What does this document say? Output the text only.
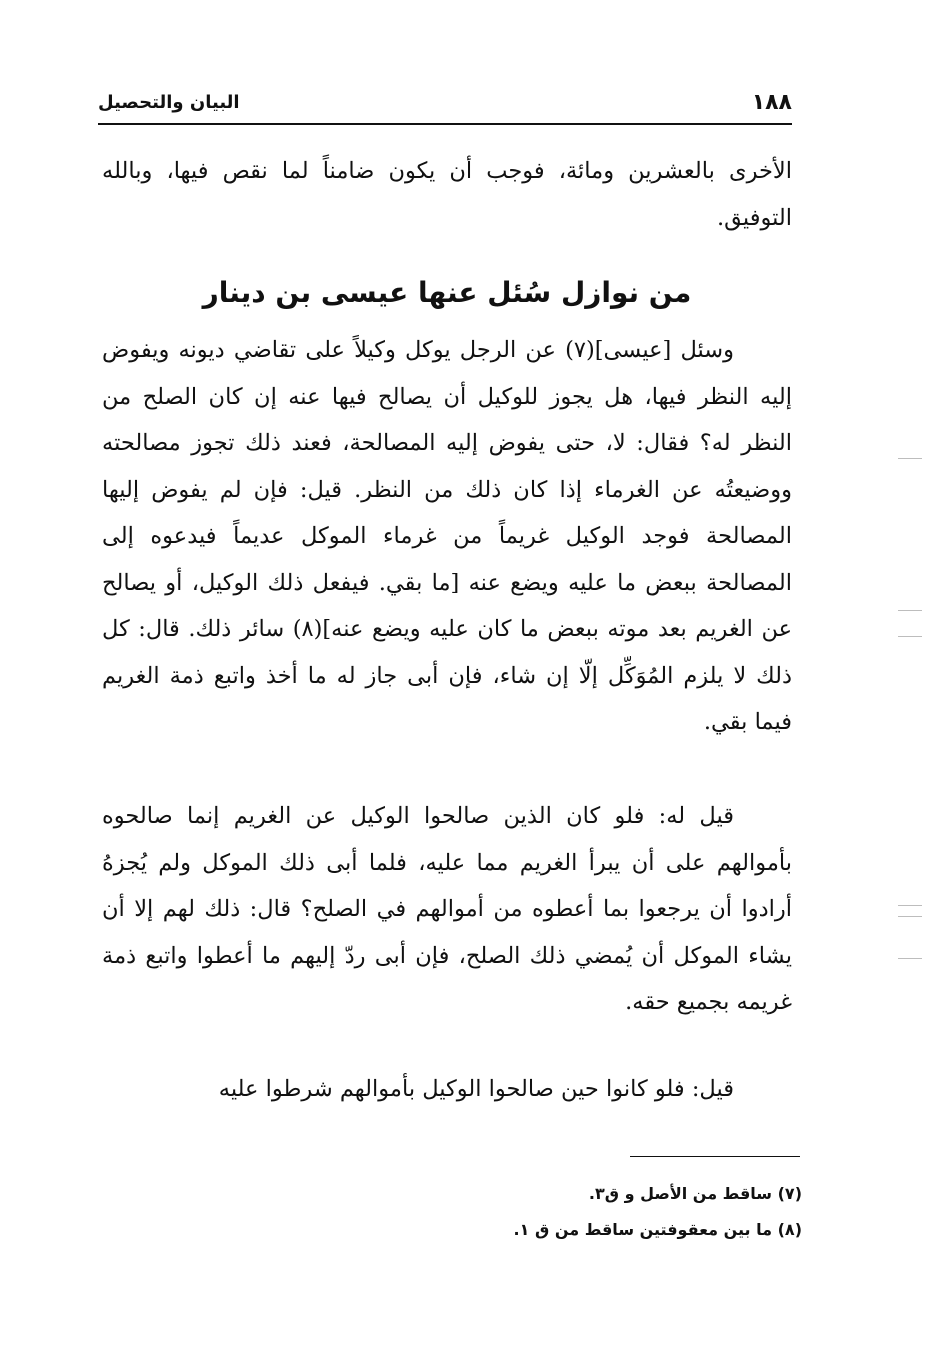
١٨٨
البيان والتحصيل
الأخرى بالعشرين ومائة، فوجب أن يكون ضامناً لما نقص فيها، وبالله التوفيق.
من نوازل سُئل عنها عيسى بن دينار
وسئل [عيسى](٧) عن الرجل يوكل وكيلاً على تقاضي ديونه ويفوض إليه النظر فيها، هل يجوز للوكيل أن يصالح فيها عنه إن كان الصلح من النظر له؟ فقال: لا، حتى يفوض إليه المصالحة، فعند ذلك تجوز مصالحته ووضيعتُه عن الغرماء إذا كان ذلك من النظر. قيل: فإن لم يفوض إليها المصالحة فوجد الوكيل غريماً من غرماء الموكل عديماً فيدعوه إلى المصالحة ببعض ما عليه ويضع عنه [ما بقي. فيفعل ذلك الوكيل، أو يصالح عن الغريم بعد موته ببعض ما كان عليه ويضع عنه](٨) سائر ذلك. قال: كل ذلك لا يلزم المُوَكِّل إلّا إن شاء، فإن أبى جاز له ما أخذ واتبع ذمة الغريم فيما بقي.
قيل له: فلو كان الذين صالحوا الوكيل عن الغريم إنما صالحوه بأموالهم على أن يبرأ الغريم مما عليه، فلما أبى ذلك الموكل ولم يُجزهُ أرادوا أن يرجعوا بما أعطوه من أموالهم في الصلح؟ قال: ذلك لهم إلا أن يشاء الموكل أن يُمضي ذلك الصلح، فإن أبى ردّ إليهم ما أعطوا واتبع ذمة غريمه بجميع حقه.
قيل: فلو كانوا حين صالحوا الوكيل بأموالهم شرطوا عليه
(٧) ساقط من الأصل و ق٣.
(٨) ما بين معقوفتين ساقط من ق ١.
